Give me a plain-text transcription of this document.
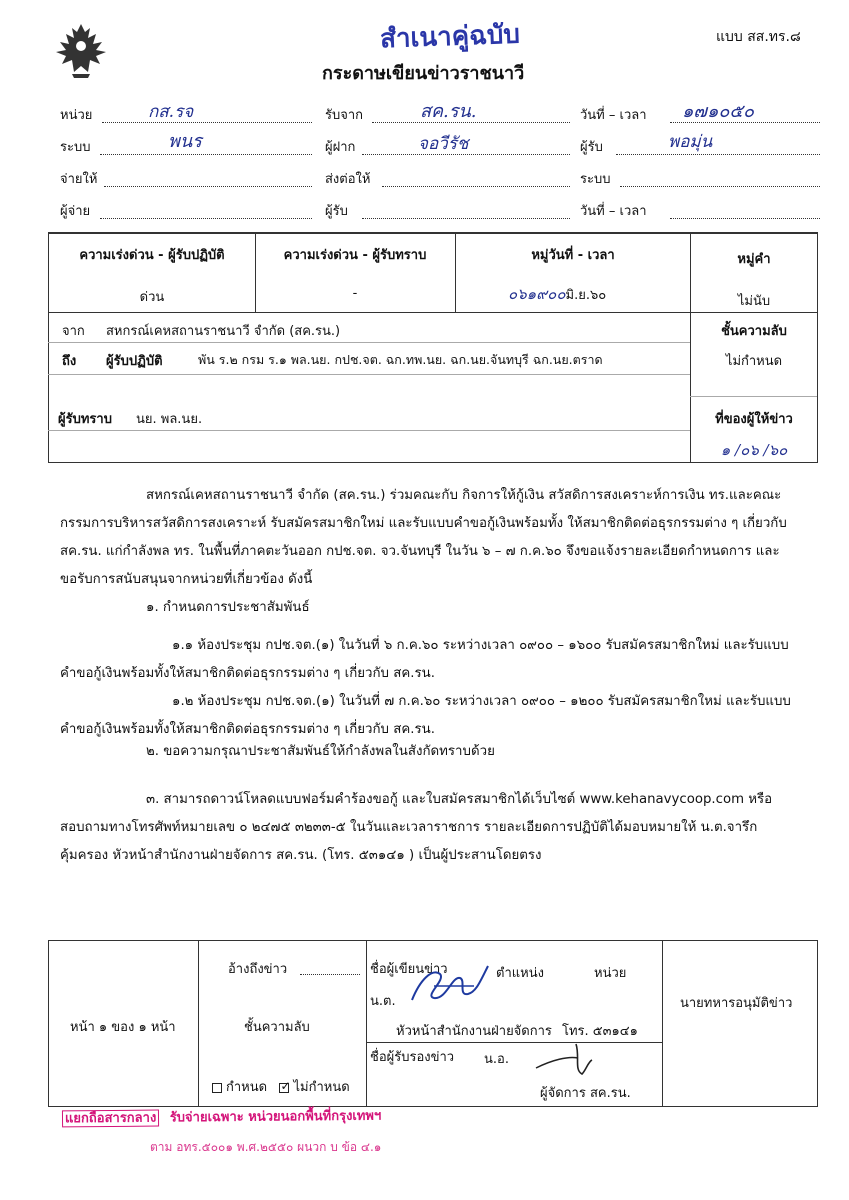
สำเนาคู่ฉบับ	แบบ สส.ทร.๘
กระดาษเขียนข่าวราชนาวี
หน่วย	กส.รจ	รับจาก	สค.รน.	วันที่ – เวลา ๑๗๑๐๕๐
ระบบ	พนร	ผู้ฝาก	จอวีรัช	ผู้รับ	พอมุ่น
จ่ายให้	ส่งต่อให้	ระบบ
ผู้จ่าย	ผู้รับ	วันที่ – เวลา
ความเร่งด่วน - ผู้รับปฏิบัติ	ความเร่งด่วน - ผู้รับทราบ	หมู่วันที่ - เวลา	หมู่คำ
ด่วน	-	๐๖๑๙๐๐มิ.ย.๖๐	ไม่นับ
จาก สหกรณ์เคหสถานราชนาวี จำกัด (สค.รน.)
ถึง ผู้รับปฏิบัติ	พัน ร.๒ กรม ร.๑ พล.นย. กปช.จต. ฉก.ทพ.นย. ฉก.นย.จันทบุรี ฉก.นย.ตราด
ผู้รับทราบ นย. พล.นย.
ชั้นความลับ
ไม่กำหนด
ที่ของผู้ให้ข่าว
๑ /๐๖ /๖๐
สหกรณ์เคหสถานราชนาวี จำกัด (สค.รน.) ร่วมคณะกับ กิจการให้กู้เงิน สวัสดิการสงเคราะห์การเงิน ทร.และคณะกรรมการบริหารสวัสดิการสงเคราะห์ รับสมัครสมาชิกใหม่ และรับแบบคำขอกู้เงินพร้อมทั้ง ให้สมาชิกติดต่อธุรกรรมต่าง ๆ เกี่ยวกับ สค.รน. แก่กำลังพล ทร. ในพื้นที่ภาคตะวันออก กปช.จต. จว.จันทบุรี ในวัน ๖ – ๗ ก.ค.๖๐ จึงขอแจ้งรายละเอียดกำหนดการ และขอรับการสนับสนุนจากหน่วยที่เกี่ยวข้อง ดังนี้
๑. กำหนดการประชาสัมพันธ์
๑.๑ ห้องประชุม กปช.จต.(๑) ในวันที่ ๖ ก.ค.๖๐ ระหว่างเวลา ๐๙๐๐ – ๑๖๐๐ รับสมัครสมาชิกใหม่ และรับแบบคำขอกู้เงินพร้อมทั้งให้สมาชิกติดต่อธุรกรรมต่าง ๆ เกี่ยวกับ สค.รน.
๑.๒ ห้องประชุม กปช.จต.(๑) ในวันที่ ๗ ก.ค.๖๐ ระหว่างเวลา ๐๙๐๐ – ๑๒๐๐ รับสมัครสมาชิกใหม่ และรับแบบคำขอกู้เงินพร้อมทั้งให้สมาชิกติดต่อธุรกรรมต่าง ๆ เกี่ยวกับ สค.รน.
๒. ขอความกรุณาประชาสัมพันธ์ให้กำลังพลในสังกัดทราบด้วย
๓. สามารถดาวน์โหลดแบบฟอร์มคำร้องขอกู้ และใบสมัครสมาชิกได้เว็บไซต์ www.kehanavycoop.com หรือ สอบถามทางโทรศัพท์หมายเลข ๐ ๒๔๗๕ ๓๒๓๓-๕ ในวันและเวลาราชการ รายละเอียดการปฏิบัติได้มอบหมายให้ น.ต.จารึก คุ้มครอง หัวหน้าสำนักงานฝ่ายจัดการ สค.รน. (โทร. ๕๓๑๔๑ ) เป็นผู้ประสานโดยตรง
หน้า ๑ ของ ๑ หน้า
อ้างถึงข่าว
ชั้นความลับ
กำหนด   ✓ ไม่กำหนด
ชื่อผู้เขียนข่าว	ตำแหน่ง	หน่วย
น.ต.
หัวหน้าสำนักงานฝ่ายจัดการ โทร. ๕๓๑๔๑
ชื่อผู้รับรองข่าว น.อ.
ผู้จัดการ สค.รน.
นายทหารอนุมัติข่าว
แยกถือสารกลาง รับจ่ายเฉพาะ หน่วยนอกพื้นที่กรุงเทพฯ
ตาม อทร.๕๐๐๑ พ.ศ.๒๕๕๐ ผนวก บ ข้อ ๔.๑
